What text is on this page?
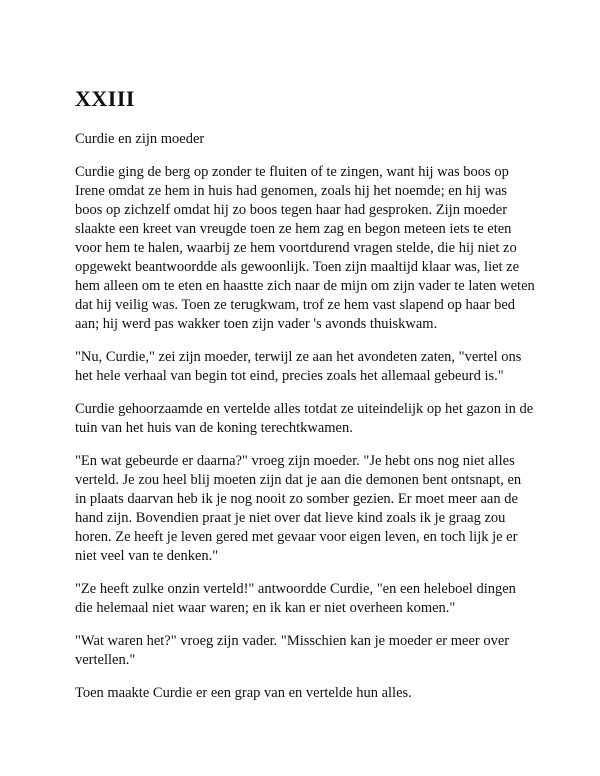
XXIII

Curdie en zijn moeder

Curdie ging de berg op zonder te fluiten of te zingen, want hij was boos op Irene omdat ze hem in huis had genomen, zoals hij het noemde; en hij was boos op zichzelf omdat hij zo boos tegen haar had gesproken. Zijn moeder slaakte een kreet van vreugde toen ze hem zag en begon meteen iets te eten voor hem te halen, waarbij ze hem voortdurend vragen stelde, die hij niet zo opgewekt beantwoordde als gewoonlijk. Toen zijn maaltijd klaar was, liet ze hem alleen om te eten en haastte zich naar de mijn om zijn vader te laten weten dat hij veilig was. Toen ze terugkwam, trof ze hem vast slapend op haar bed aan; hij werd pas wakker toen zijn vader 's avonds thuiskwam.

"Nu, Curdie," zei zijn moeder, terwijl ze aan het avondeten zaten, "vertel ons het hele verhaal van begin tot eind, precies zoals het allemaal gebeurd is."

Curdie gehoorzaamde en vertelde alles totdat ze uiteindelijk op het gazon in de tuin van het huis van de koning terechtkwamen.

"En wat gebeurde er daarna?" vroeg zijn moeder. "Je hebt ons nog niet alles verteld. Je zou heel blij moeten zijn dat je aan die demonen bent ontsnapt, en in plaats daarvan heb ik je nog nooit zo somber gezien. Er moet meer aan de hand zijn. Bovendien praat je niet over dat lieve kind zoals ik je graag zou horen. Ze heeft je leven gered met gevaar voor eigen leven, en toch lijk je er niet veel van te denken."

"Ze heeft zulke onzin verteld!" antwoordde Curdie, "en een heleboel dingen die helemaal niet waar waren; en ik kan er niet overheen komen."

"Wat waren het?" vroeg zijn vader. "Misschien kan je moeder er meer over vertellen."

Toen maakte Curdie er een grap van en vertelde hun alles.
